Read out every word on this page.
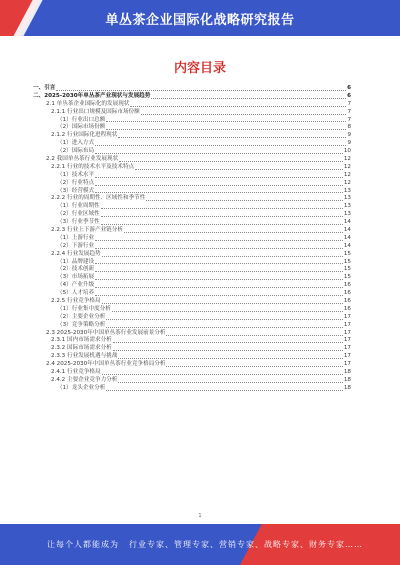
单丛茶企业国际化战略研究报告
内容目录
一、引言	6
二、2025-2030年单丛茶产业现状与发展趋势	6
2.1 单丛茶企业国际化的发展现状	7
2.1.1 行业出口规模及国际市场份额	7
（1）行业出口总额	7
（2）国际市场份额	8
2.1.2 行业国际化进程现状	9
（1）进入方式	9
（2）国际布局	10
2.2 我国单丛茶行业发展现状	12
2.2.1 行业的技术水平及技术特点	12
（1）技术水平	12
（2）行业特点	12
（3）经营模式	13
2.2.2 行业的周期性、区域性和季节性	13
（1）行业周期性	13
（2）行业区域性	13
（3）行业季节性	14
2.2.3 行业上下游产业链分析	14
（1）上游行业	14
（2）下游行业	14
2.2.4 行业发展趋势	15
（1）品牌建设	15
（2）技术创新	15
（3）市场拓展	15
（4）产业升级	16
（5）人才培养	16
2.2.5 行业竞争格局	16
（1）行业集中度分析	16
（2）主要企业分析	17
（3）竞争策略分析	17
2.3 2025-2030年中国单丛茶行业发展前景分析	17
2.3.1 国内市场需求分析	17
2.3.2 国际市场需求分析	17
2.3.3 行业发展机遇与挑战	17
2.4 2025-2030年中国单丛茶行业竞争格局分析	17
2.4.1 行业竞争格局	18
2.4.2 主要企业竞争力分析	18
（1）龙头企业分析	18
1
让每个人都能成为 行业专家、管理专家、营销专家、战略专家、财务专家……
